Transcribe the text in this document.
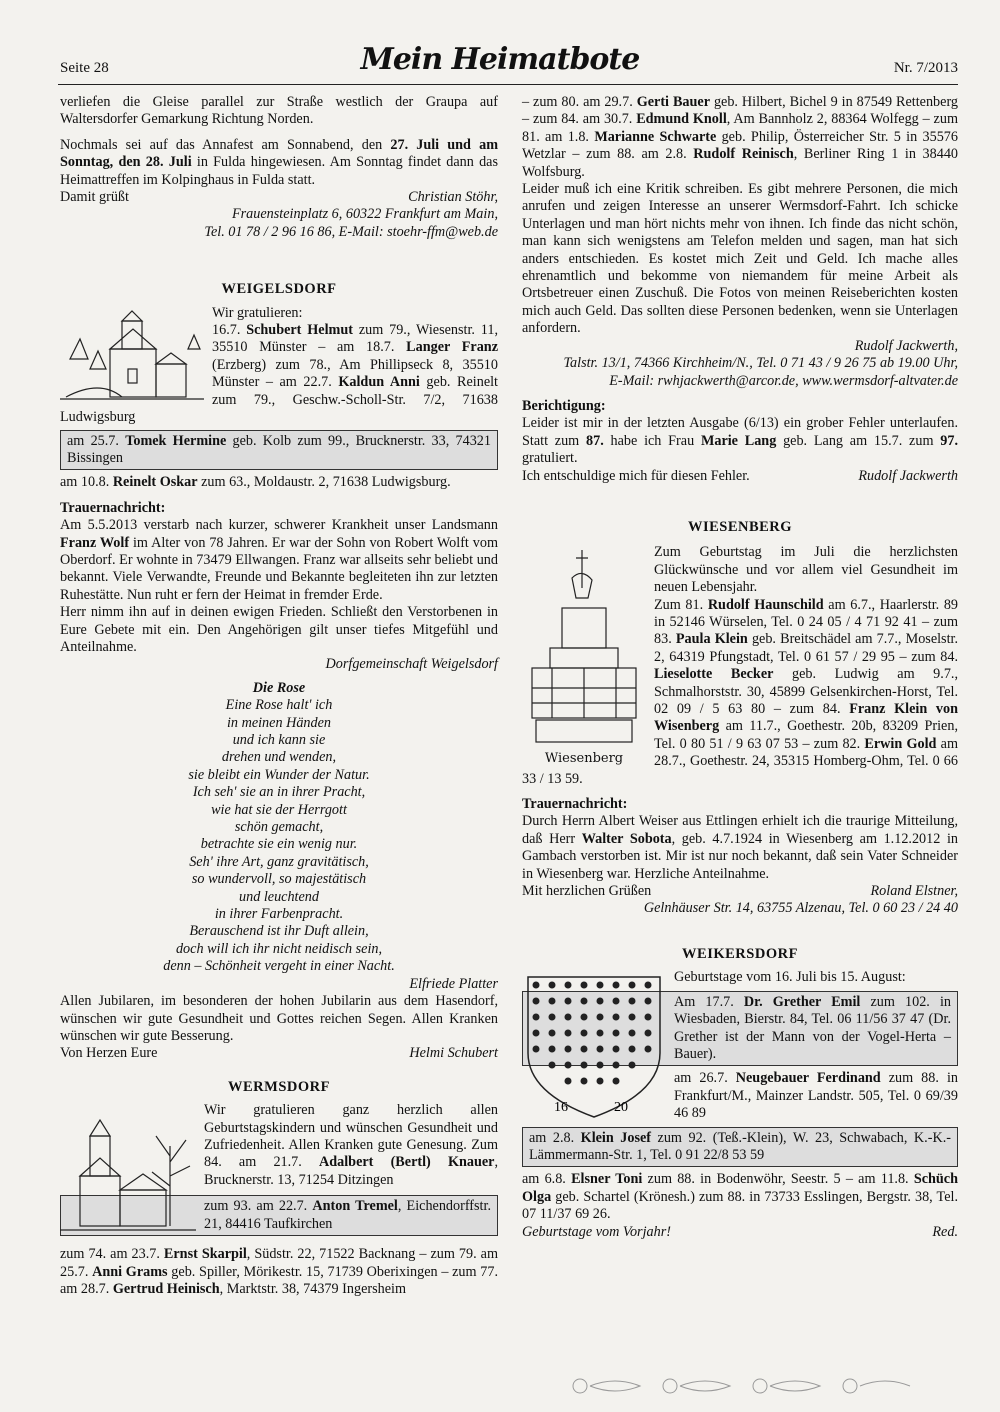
Seite 28	Mein Heimatbote	Nr. 7/2013

verliefen die Gleise parallel zur Straße westlich der Graupa auf Waltersdorfer Gemarkung Richtung Norden.

Nochmals sei auf das Annafest am Sonnabend, den 27. Juli und am Sonntag, den 28. Juli in Fulda hingewiesen. Am Sonntag findet dann das Heimattreffen im Kolpinghaus in Fulda statt.

Damit grüßt	Christian Stöhr,
Frauensteinplatz 6, 60322 Frankfurt am Main,
Tel. 01 78 / 2 96 16 86, E-Mail: stoehr-ffm@web.de

WEIGELSDORF

Wir gratulieren:

16.7. Schubert Helmut zum 79., Wiesenstr. 11, 35510 Münster – am 18.7. Langer Franz (Erzberg) zum 78., Am Phillipseck 8, 35510 Münster – am 22.7. Kaldun Anni geb. Reinelt zum 79., Geschw.-Scholl-Str. 7/2, 71638 Ludwigsburg

am 25.7. Tomek Hermine geb. Kolb zum 99., Brucknerstr. 33, 74321 Bissingen

am 10.8. Reinelt Oskar zum 63., Moldaustr. 2, 71638 Ludwigsburg.

Trauernachricht:

Am 5.5.2013 verstarb nach kurzer, schwerer Krankheit unser Landsmann Franz Wolf im Alter von 78 Jahren. Er war der Sohn von Robert Wolft vom Oberdorf. Er wohnte in 73479 Ellwangen. Franz war allseits sehr beliebt und bekannt. Viele Verwandte, Freunde und Bekannte begleiteten ihn zur letzten Ruhestätte. Nun ruht er fern der Heimat in fremder Erde.

Herr nimm ihn auf in deinen ewigen Frieden. Schließt den Verstorbenen in Eure Gebete mit ein. Den Angehörigen gilt unser tiefes Mitgefühl und Anteilnahme.

Dorfgemeinschaft Weigelsdorf

Die Rose

Eine Rose halt' ich
in meinen Händen
und ich kann sie
drehen und wenden,
sie bleibt ein Wunder der Natur.
Ich seh' sie an in ihrer Pracht,
wie hat sie der Herrgott
schön gemacht,
betrachte sie ein wenig nur.
Seh' ihre Art, ganz gravitätisch,
so wundervoll, so majestätisch
und leuchtend
in ihrer Farbenpracht.
Berauschend ist ihr Duft allein,
doch will ich ihr nicht neidisch sein,
denn – Schönheit vergeht in einer Nacht.
Elfriede Platter

Allen Jubilaren, im besonderen der hohen Jubilarin aus dem Hasendorf, wünschen wir gute Gesundheit und Gottes reichen Segen. Allen Kranken wünschen wir gute Besserung.

Von Herzen Eure	Helmi Schubert

WERMSDORF

Wir gratulieren ganz herzlich allen Geburtstagskindern und wünschen Gesundheit und Zufriedenheit. Allen Kranken gute Genesung. Zum 84. am 21.7. Adalbert (Bertl) Knauer, Brucknerstr. 13, 71254 Ditzingen

zum 93. am 22.7. Anton Tremel, Eichendorffstr. 21, 84416 Taufkirchen

zum 74. am 23.7. Ernst Skarpil, Südstr. 22, 71522 Backnang – zum 79. am 25.7. Anni Grams geb. Spiller, Mörikestr. 15, 71739 Oberixingen – zum 77. am 28.7. Gertrud Heinisch, Marktstr. 38, 74379 Ingersheim

– zum 80. am 29.7. Gerti Bauer geb. Hilbert, Bichel 9 in 87549 Rettenberg – zum 84. am 30.7. Edmund Knoll, Am Bannholz 2, 88364 Wolfegg – zum 81. am 1.8. Marianne Schwarte geb. Philip, Österreicher Str. 5 in 35576 Wetzlar – zum 88. am 2.8. Rudolf Reinisch, Berliner Ring 1 in 38440 Wolfsburg.

Leider muß ich eine Kritik schreiben. Es gibt mehrere Personen, die mich anrufen und zeigen Interesse an unserer Wermsdorf-Fahrt. Ich schicke Unterlagen und man hört nichts mehr von ihnen. Ich finde das nicht schön, man kann sich wenigstens am Telefon melden und sagen, man hat sich anders entschieden. Es kostet mich Zeit und Geld. Ich mache alles ehrenamtlich und bekomme von niemandem für meine Arbeit als Ortsbetreuer einen Zuschuß. Die Fotos von meinen Reiseberichten kosten mich auch Geld. Das sollten diese Personen bedenken, wenn sie Unterlagen anfordern.

Rudolf Jackwerth,
Talstr. 13/1, 74366 Kirchheim/N., Tel. 0 71 43 / 9 26 75 ab 19.00 Uhr,
E-Mail: rwhjackwerth@arcor.de, www.wermsdorf-altvater.de

Berichtigung:

Leider ist mir in der letzten Ausgabe (6/13) ein grober Fehler unterlaufen. Statt zum 87. habe ich Frau Marie Lang geb. Lang am 15.7. zum 97. gratuliert.

Ich entschuldige mich für diesen Fehler.	Rudolf Jackwerth

WIESENBERG

Wiesenberg

Zum Geburtstag im Juli die herzlichsten Glückwünsche und vor allem viel Gesundheit im neuen Lebensjahr.

Zum 81. Rudolf Haunschild am 6.7., Haarlerstr. 89 in 52146 Würselen, Tel. 0 24 05 / 4 71 92 41 – zum 83. Paula Klein geb. Breitschädel am 7.7., Moselstr. 2, 64319 Pfungstadt, Tel. 0 61 57 / 29 95 – zum 84. Lieselotte Becker geb. Ludwig am 9.7., Schmalhorststr. 30, 45899 Gelsenkirchen-Horst, Tel. 02 09 / 5 63 80 – zum 84. Franz Klein von Wisenberg am 11.7., Goethestr. 20b, 83209 Prien, Tel. 0 80 51 / 9 63 07 53 – zum 82. Erwin Gold am 28.7., Goethestr. 24, 35315 Homberg-Ohm, Tel. 0 66 33 / 13 59.

Trauernachricht:

Durch Herrn Albert Weiser aus Ettlingen erhielt ich die traurige Mitteilung, daß Herr Walter Sobota, geb. 4.7.1924 in Wiesenberg am 1.12.2012 in Gambach verstorben ist. Mir ist nur noch bekannt, daß sein Vater Schneider in Wiesenberg war. Herzliche Anteilnahme.

Mit herzlichen Grüßen	Roland Elstner,
Gelnhäuser Str. 14, 63755 Alzenau, Tel. 0 60 23 / 24 40

WEIKERSDORF

16	20

Geburtstage vom 16. Juli bis 15. August:

Am 17.7. Dr. Grether Emil zum 102. in Wiesbaden, Bierstr. 84, Tel. 06 11/56 37 47 (Dr. Grether ist der Mann von der Vogel-Herta – Bauer).

am 26.7. Neugebauer Ferdinand zum 88. in Frankfurt/M., Mainzer Landstr. 505, Tel. 0 69/39 46 89

am 2.8. Klein Josef zum 92. (Teß.-Klein), W. 23, Schwabach, K.-K.-Lämmermann-Str. 1, Tel. 0 91 22/8 53 59

am 6.8. Elsner Toni zum 88. in Bodenwöhr, Seestr. 5 – am 11.8. Schüch Olga geb. Schartel (Krönesh.) zum 88. in 73733 Esslingen, Bergstr. 38, Tel. 07 11/37 69 26.

Geburtstage vom Vorjahr!	Red.
